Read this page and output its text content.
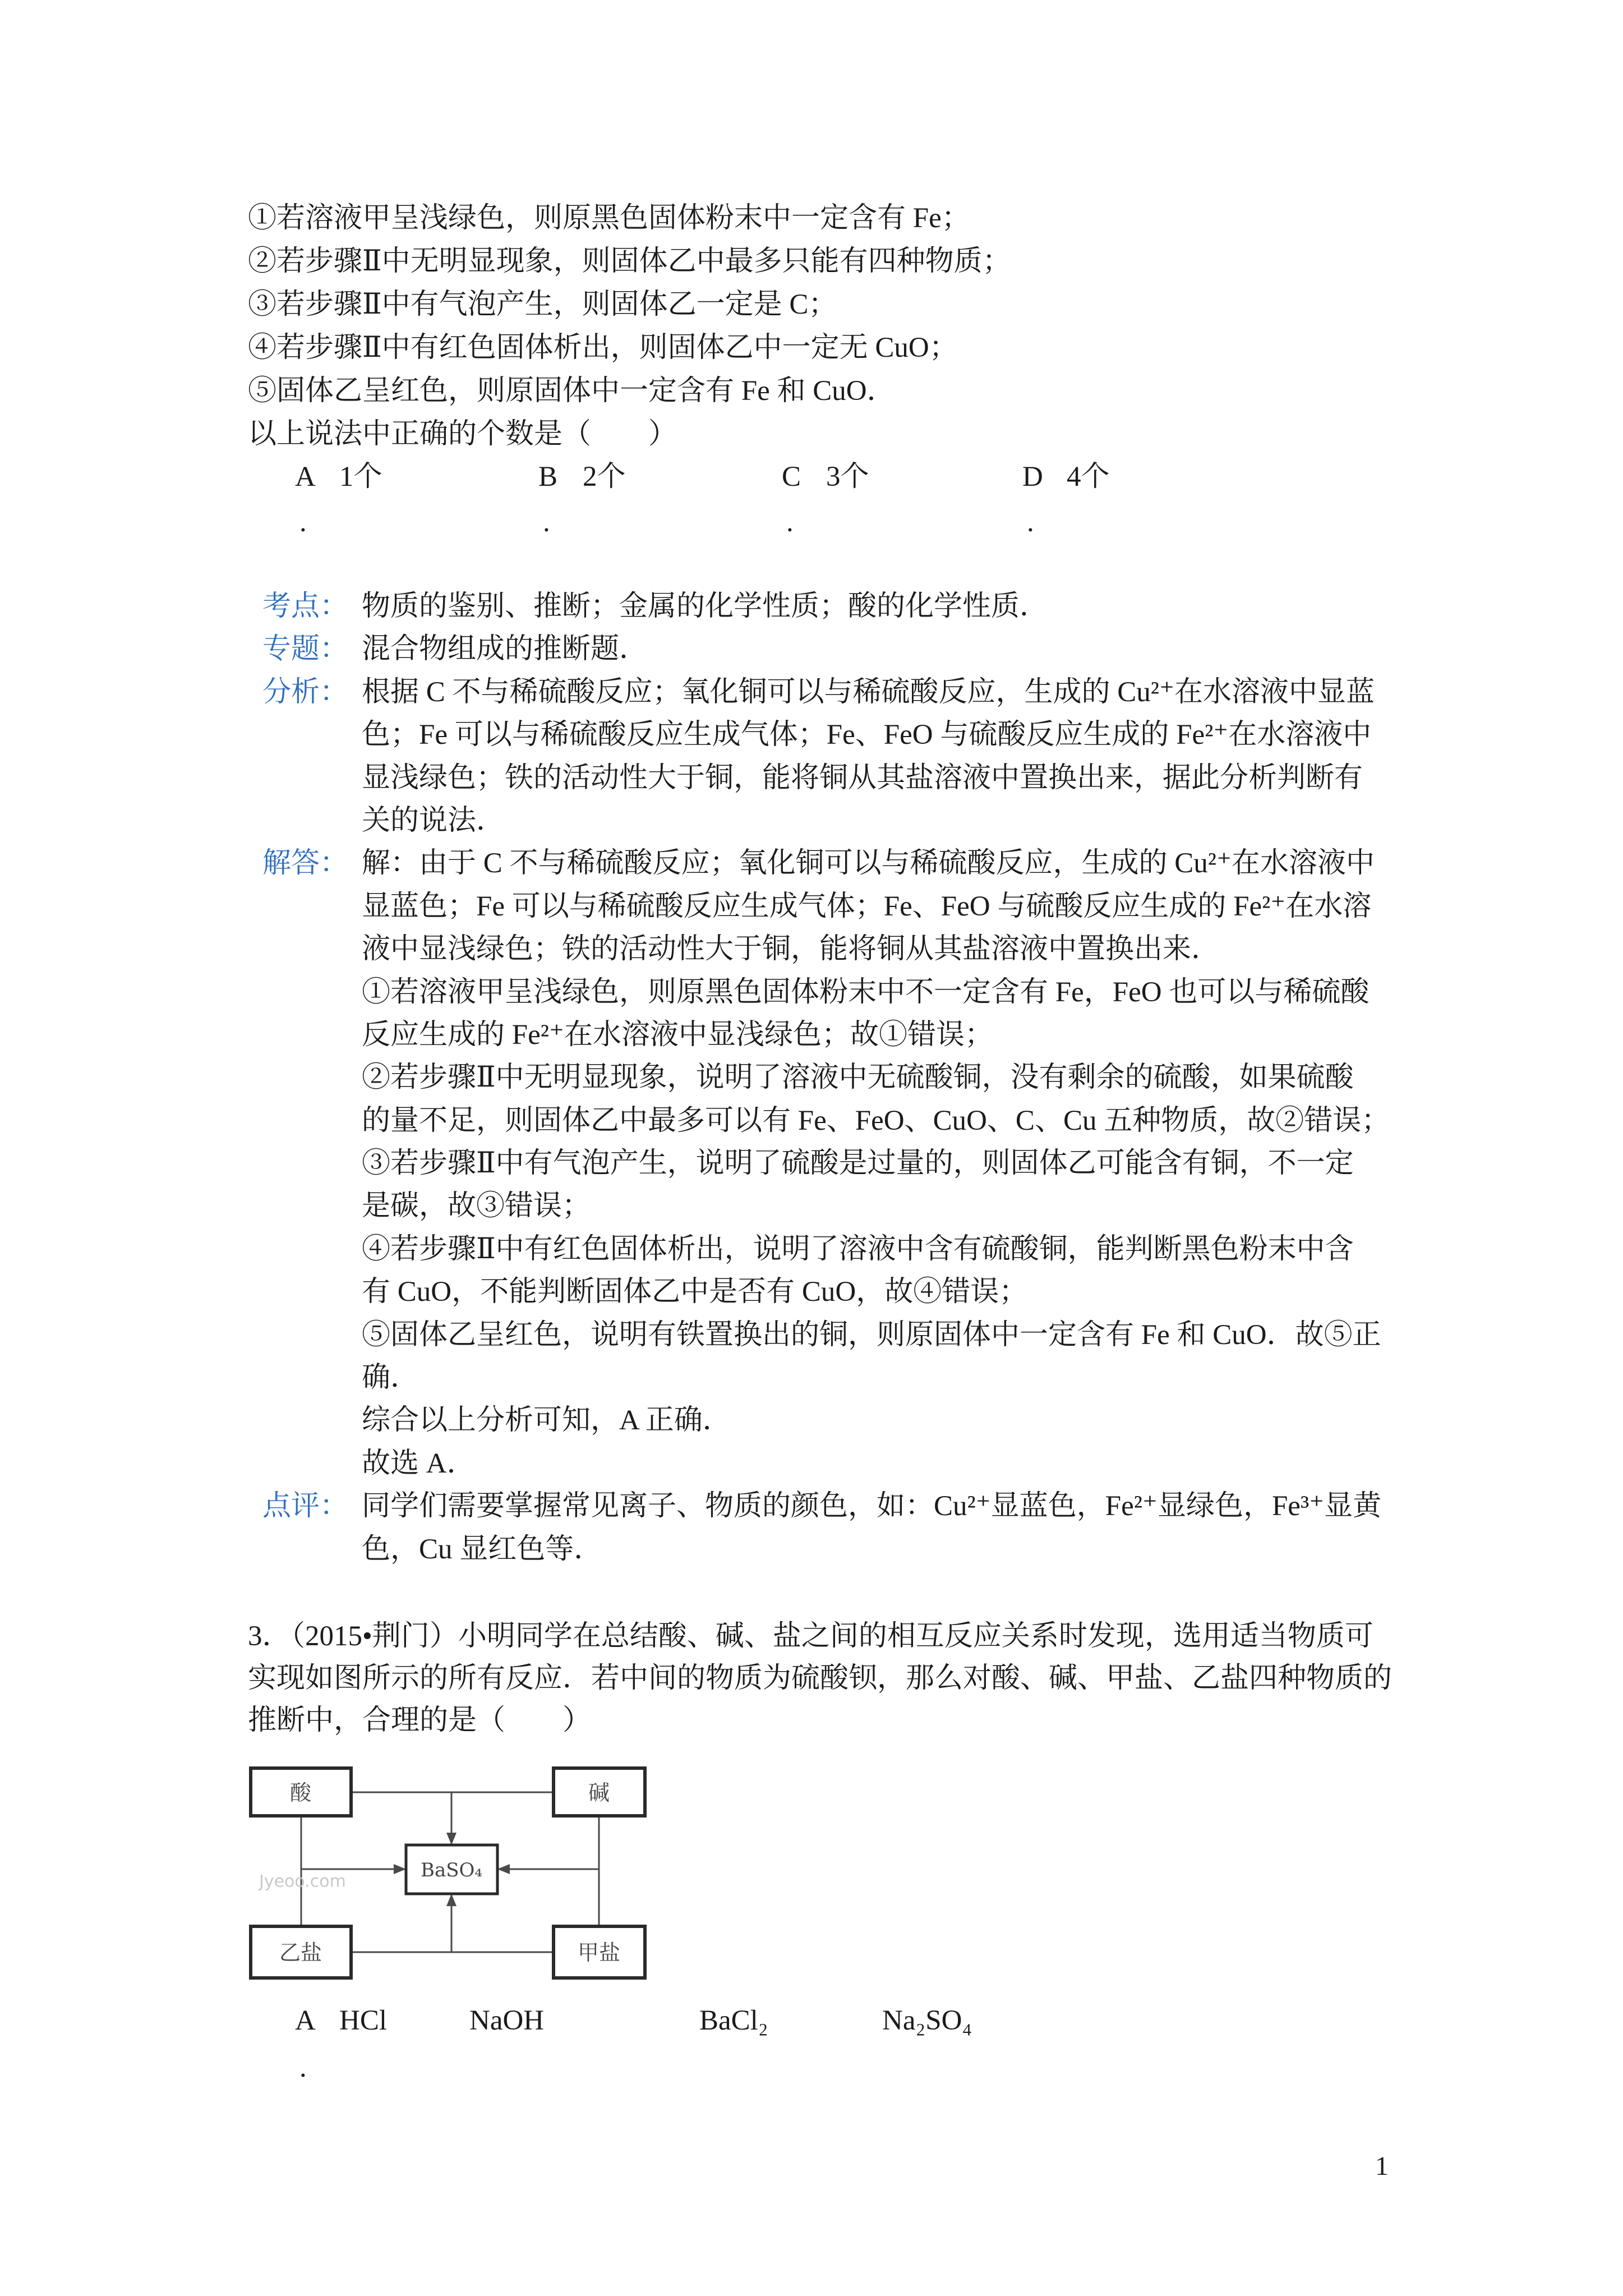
①若溶液甲呈浅绿色，则原黑色固体粉末中一定含有 Fe；
②若步骤Ⅱ中无明显现象，则固体乙中最多只能有四种物质；
③若步骤Ⅱ中有气泡产生，则固体乙一定是 C；
④若步骤Ⅱ中有红色固体析出，则固体乙中一定无 CuO；
⑤固体乙呈红色，则原固体中一定含有 Fe 和 CuO．
以上说法中正确的个数是（　　）
A 1个
.
B 2个
.
C 3个
.
D 4个
.
考点： 物质的鉴别、推断；金属的化学性质；酸的化学性质．
专题： 混合物组成的推断题．
分析： 根据 C 不与稀硫酸反应；氧化铜可以与稀硫酸反应，生成的 Cu²⁺在水溶液中显蓝
色；Fe 可以与稀硫酸反应生成气体；Fe、FeO 与硫酸反应生成的 Fe²⁺在水溶液中
显浅绿色；铁的活动性大于铜，能将铜从其盐溶液中置换出来，据此分析判断有
关的说法．
解答： 解：由于 C 不与稀硫酸反应；氧化铜可以与稀硫酸反应，生成的 Cu²⁺在水溶液中
显蓝色；Fe 可以与稀硫酸反应生成气体；Fe、FeO 与硫酸反应生成的 Fe²⁺在水溶
液中显浅绿色；铁的活动性大于铜，能将铜从其盐溶液中置换出来．
①若溶液甲呈浅绿色，则原黑色固体粉末中不一定含有 Fe，FeO 也可以与稀硫酸
反应生成的 Fe²⁺在水溶液中显浅绿色；故①错误；
②若步骤Ⅱ中无明显现象，说明了溶液中无硫酸铜，没有剩余的硫酸，如果硫酸
的量不足，则固体乙中最多可以有 Fe、FeO、CuO、C、Cu 五种物质，故②错误；
③若步骤Ⅱ中有气泡产生，说明了硫酸是过量的，则固体乙可能含有铜，不一定
是碳，故③错误；
④若步骤Ⅱ中有红色固体析出，说明了溶液中含有硫酸铜，能判断黑色粉末中含
有 CuO，不能判断固体乙中是否有 CuO，故④错误；
⑤固体乙呈红色，说明有铁置换出的铜，则原固体中一定含有 Fe 和 CuO．故⑤正
确．
综合以上分析可知，A 正确．
故选 A．
点评： 同学们需要掌握常见离子、物质的颜色，如：Cu²⁺显蓝色，Fe²⁺显绿色，Fe³⁺显黄
色，Cu 显红色等．
3．（2015•荆门）小明同学在总结酸、碱、盐之间的相互反应关系时发现，选用适当物质可
实现如图所示的所有反应．若中间的物质为硫酸钡，那么对酸、碱、甲盐、乙盐四种物质的
推断中，合理的是（　　）
Jyeoo.com
酸	碱
BaSO₄
乙盐	甲盐
A HCl	NaOH	BaCl₂	Na₂SO₄
.
1
